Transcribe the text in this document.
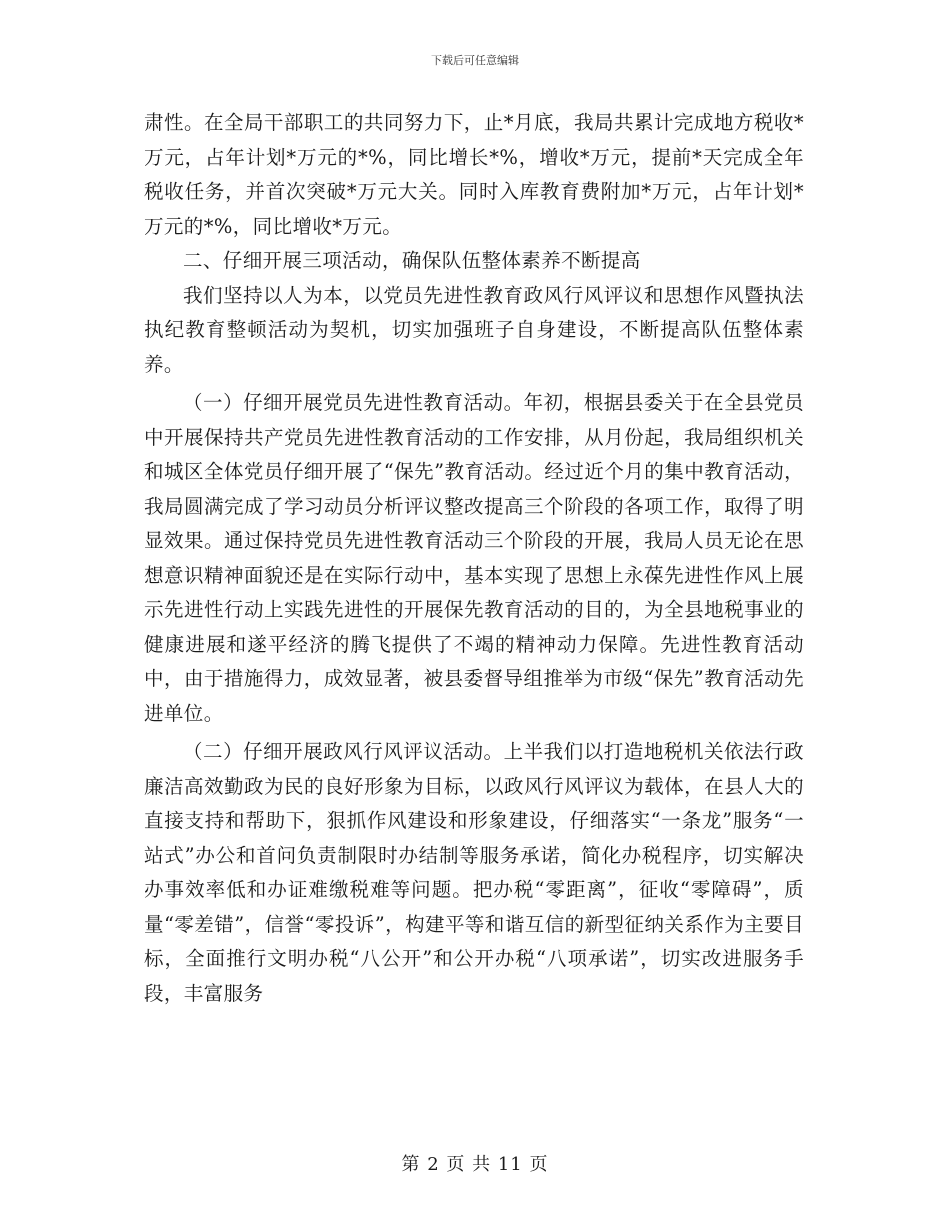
下载后可任意编辑

肃性。在全局干部职工的共同努力下，止*月底，我局共累计完成地方税收*万元，占年计划*万元的*%，同比增长*%，增收*万元，提前*天完成全年税收任务，并首次突破*万元大关。同时入库教育费附加*万元，占年计划*万元的*%，同比增收*万元。

二、仔细开展三项活动，确保队伍整体素养不断提高

我们坚持以人为本，以党员先进性教育政风行风评议和思想作风暨执法执纪教育整顿活动为契机，切实加强班子自身建设，不断提高队伍整体素养。

（一）仔细开展党员先进性教育活动。年初，根据县委关于在全县党员中开展保持共产党员先进性教育活动的工作安排，从月份起，我局组织机关和城区全体党员仔细开展了“保先”教育活动。经过近个月的集中教育活动，我局圆满完成了学习动员分析评议整改提高三个阶段的各项工作，取得了明显效果。通过保持党员先进性教育活动三个阶段的开展，我局人员无论在思想意识精神面貌还是在实际行动中，基本实现了思想上永葆先进性作风上展示先进性行动上实践先进性的开展保先教育活动的目的，为全县地税事业的健康进展和遂平经济的腾飞提供了不竭的精神动力保障。先进性教育活动中，由于措施得力，成效显著，被县委督导组推举为市级“保先”教育活动先进单位。

（二）仔细开展政风行风评议活动。上半我们以打造地税机关依法行政廉洁高效勤政为民的良好形象为目标，以政风行风评议为载体，在县人大的直接支持和帮助下，狠抓作风建设和形象建设，仔细落实“一条龙”服务“一站式”办公和首问负责制限时办结制等服务承诺，简化办税程序，切实解决办事效率低和办证难缴税难等问题。把办税“零距离”，征收“零障碍”，质量“零差错”，信誉“零投诉”，构建平等和谐互信的新型征纳关系作为主要目标，全面推行文明办税“八公开”和公开办税“八项承诺”，切实改进服务手段，丰富服务

第 2 页 共 11 页
